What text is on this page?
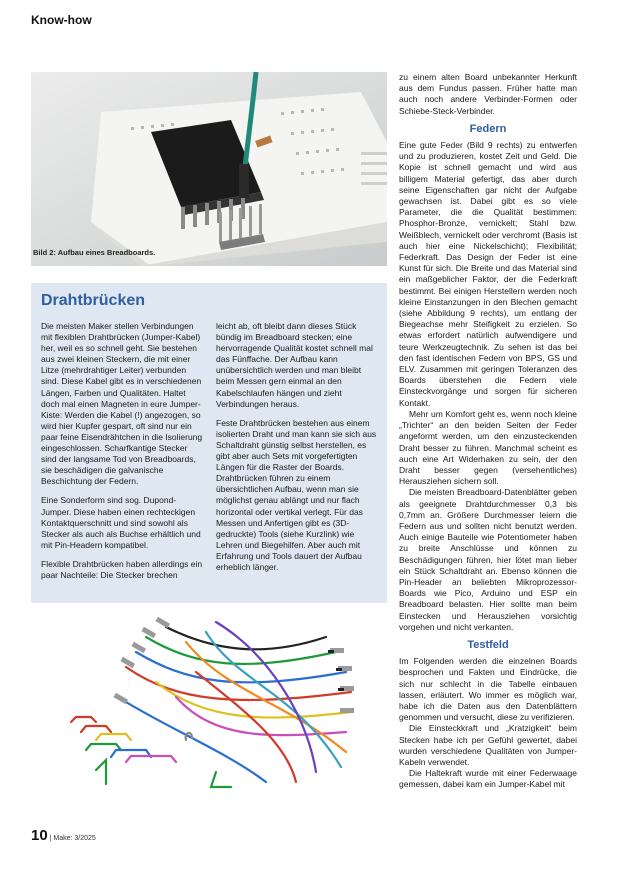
Know-how
Bild 2: Aufbau eines Breadboards.
Drahtbrücken

Die meisten Maker stellen Verbindungen mit flexiblen Drahtbrücken (Jumper-Kabel) her, weil es so schnell geht. Sie bestehen aus zwei kleinen Steckern, die mit einer Litze (mehrdrahtiger Leiter) verbunden sind. Diese Kabel gibt es in verschiedenen Längen, Farben und Qualitäten. Haltet doch mal einen Magneten in eure Jumper-Kiste: Werden die Kabel (!) angezogen, so wird hier Kupfer gespart, oft sind nur ein paar feine Eisendrähtchen in die Isolierung eingeschlossen. Scharfkantige Stecker sind der langsame Tod von Breadboards, sie beschädigen die galvanische Beschichtung der Federn.

Eine Sonderform sind sog. Dupond-Jumper. Diese haben einen rechteckigen Kontaktquerschnitt und sind sowohl als Stecker als auch als Buchse erhältlich und mit Pin-Headern kompatibel.

Flexible Drahtbrücken haben allerdings ein paar Nachteile: Die Stecker brechen

leicht ab, oft bleibt dann dieses Stück bündig im Breadboard stecken; eine hervorragende Qualität kostet schnell mal das Fünffache. Der Aufbau kann unübersichtlich werden und man bleibt beim Messen gern einmal an den Kabelschlaufen hängen und zieht Verbindungen heraus.

Feste Drahtbrücken bestehen aus einem isolierten Draht und man kann sie sich aus Schaltdraht günstig selbst herstellen, es gibt aber auch Sets mit vorgefertigten Längen für die Raster der Boards. Drahtbrücken führen zu einem übersichtlichen Aufbau, wenn man sie möglichst genau ablängt und nur flach horizontal oder vertikal verlegt. Für das Messen und Anfertigen gibt es (3D-gedruckte) Tools (siehe Kurzlink) wie Lehren und Biegehilfen. Aber auch mit Erfahrung und Tools dauert der Aufbau erheblich länger.

zu einem alten Board unbekannter Herkunft aus dem Fundus passen. Früher hatte man auch noch andere Verbinder-Formen oder Schiebe-Steck-Verbinder.

Federn

Eine gute Feder (Bild 9 rechts) zu entwerfen und zu produzieren, kostet Zeit und Geld. Die Kopie ist schnell gemacht und wird aus billigem Material gefertigt, das aber durch seine Eigenschaften gar nicht der Aufgabe gewachsen ist. Dabei gibt es so viele Parameter, die die Qualität bestimmen: Phosphor-Bronze, vernickelt; Stahl bzw. Weißblech, vernickelt oder verchromt (Basis ist auch hier eine Nickelschicht); Flexibilität; Federkraft. Das Design der Feder ist eine Kunst für sich. Die Breite und das Material sind ein maßgeblicher Faktor, der die Federkraft bestimmt. Bei einigen Herstellern werden noch kleine Einstanzungen in den Blechen gemacht (siehe Abbildung 9 rechts), um entlang der Biegeachse mehr Steifigkeit zu erzielen. So etwas erfordert natürlich aufwendigere und teure Werkzeugtechnik. Zu sehen ist das bei den fast identischen Federn von BPS, GS und ELV. Zusammen mit geringen Toleranzen des Boards überstehen die Federn viele Einsteckvorgänge und sorgen für sicheren Kontakt.

Mehr um Komfort geht es, wenn noch kleine „Trichter“ an den beiden Seiten der Feder angeformt werden, um den einzusteckenden Draht besser zu führen. Manchmal scheint es auch eine Art Widerhaken zu sein, der den Draht besser gegen (versehentliches) Herausziehen sichern soll.

Die meisten Breadboard-Datenblätter geben als geeignete Drahtdurchmesser 0,3 bis 0,7mm an. Größere Durchmesser leiern die Federn aus und sollten nicht benutzt werden. Auch einige Bauteile wie Potentiometer haben zu breite Anschlüsse und können zu Beschädigungen führen, hier lötet man lieber ein Stück Schaltdraht an. Ebenso können die Pin-Header an beliebten Mikroprozessor-Boards wie Pico, Arduino und ESP ein Breadboard belasten. Hier sollte man beim Einstecken und Herausziehen vorsichtig vorgehen und nicht verkanten.

Testfeld

Im Folgenden werden die einzelnen Boards besprochen und Fakten und Eindrücke, die sich nur schlecht in die Tabelle einbauen lassen, erläutert. Wo immer es möglich war, habe ich die Daten aus den Datenblättern genommen und versucht, diese zu verifizieren.

Die Einsteckkraft und „Kratzigkeit“ beim Stecken habe ich per Gefühl gewertet, dabei wurden verschiedene Qualitäten von Jumper-Kabeln verwendet.

Die Haltekraft wurde mit einer Federwaage gemessen, dabei kam ein Jumper-Kabel mit

10 | Make: 3/2025
